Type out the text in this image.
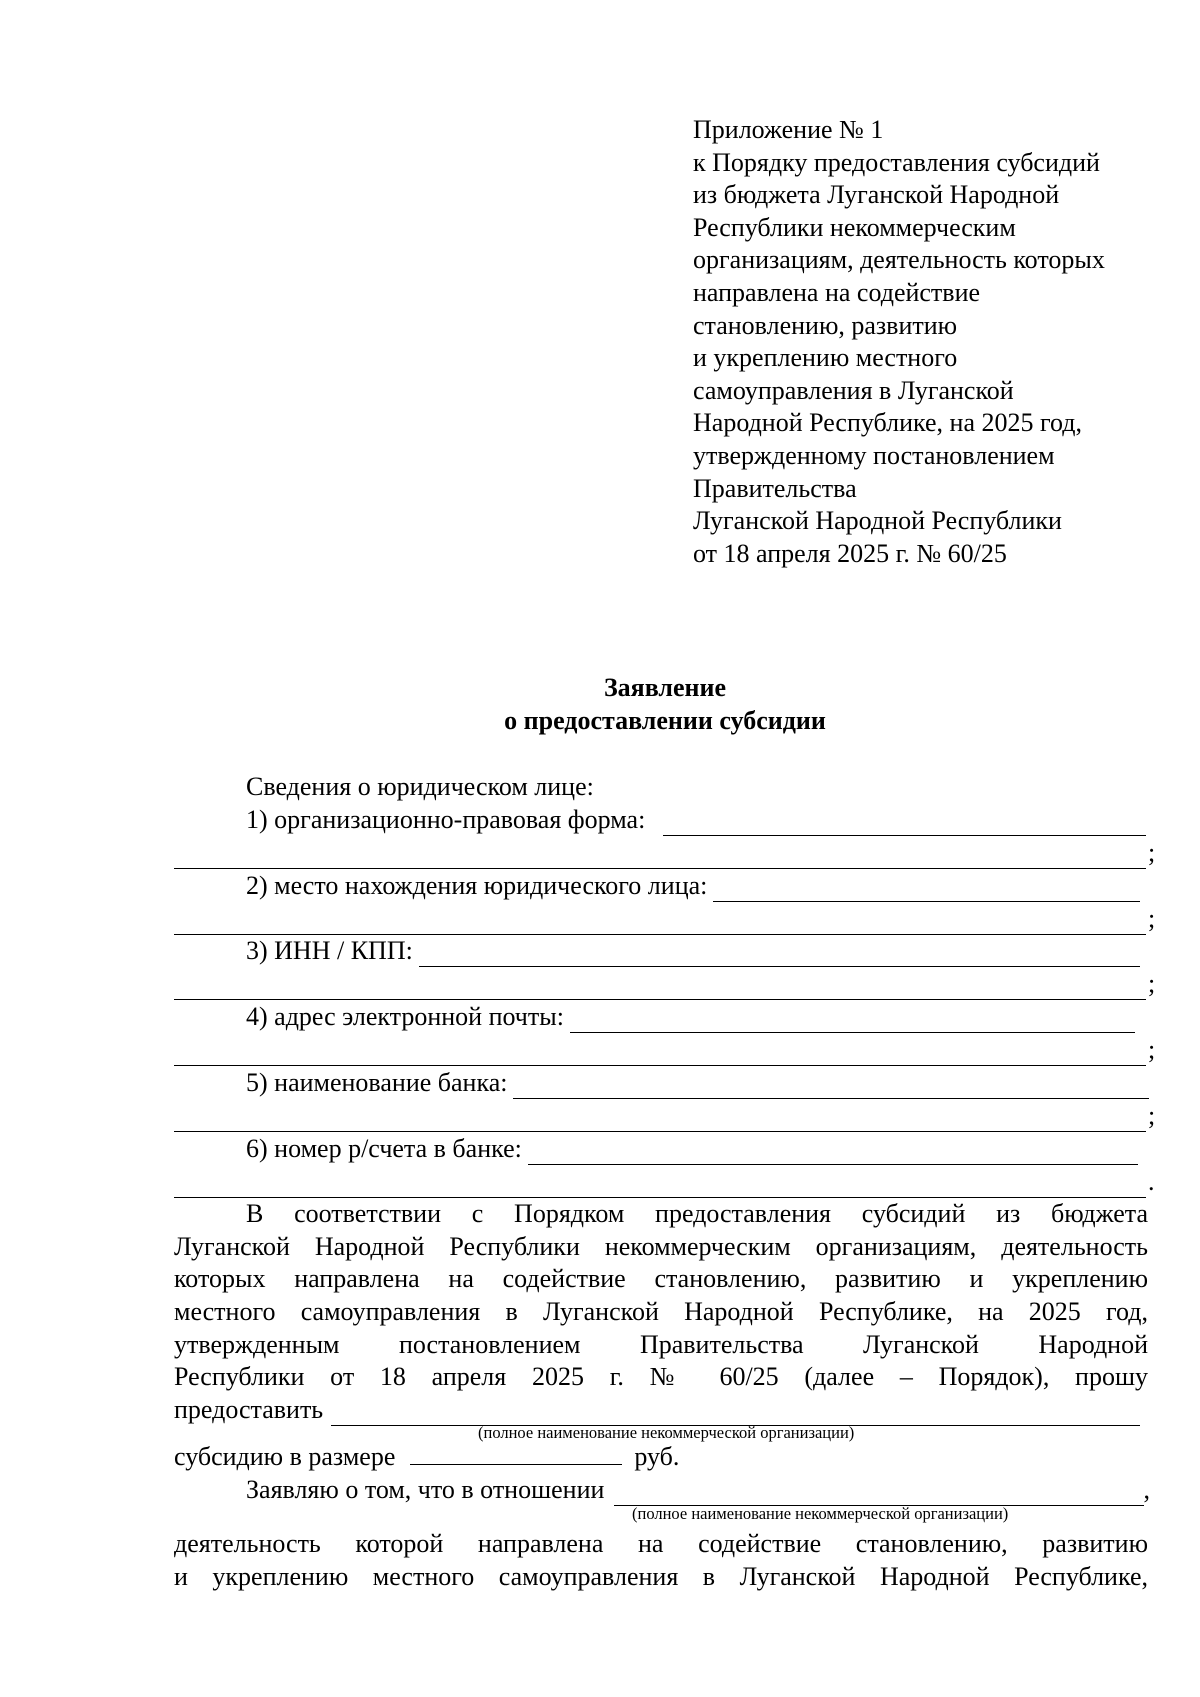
Приложение № 1
к Порядку предоставления субсидий
из бюджета Луганской Народной
Республики некоммерческим
организациям, деятельность которых
направлена на содействие
становлению, развитию
и укреплению местного
самоуправления в Луганской
Народной Республике, на 2025 год,
утвержденному постановлением
Правительства
Луганской Народной Республики
от 18 апреля 2025 г. № 60/25
Заявление
о предоставлении субсидии
Сведения о юридическом лице:
1) организационно-правовая форма:
;
2) место нахождения юридического лица:
;
3) ИНН / КПП:
;
4) адрес электронной почты:
;
5) наименование банка:
;
6) номер р/счета в банке:
.
В соответствии с Порядком предоставления субсидий из бюджета
Луганской Народной Республики некоммерческим организациям, деятельность
которых направлена на содействие становлению, развитию и укреплению
местного самоуправления в Луганской Народной Республике, на 2025 год,
утвержденным постановлением Правительства Луганской Народной
Республики от 18 апреля 2025 г. № 60/25 (далее – Порядок), прошу
предоставить
(полное наименование некоммерческой организации)
субсидию в размере	руб.
Заявляю о том, что в отношении	,
(полное наименование некоммерческой организации)
деятельность которой направлена на содействие становлению, развитию
и укреплению местного самоуправления в Луганской Народной Республике,
